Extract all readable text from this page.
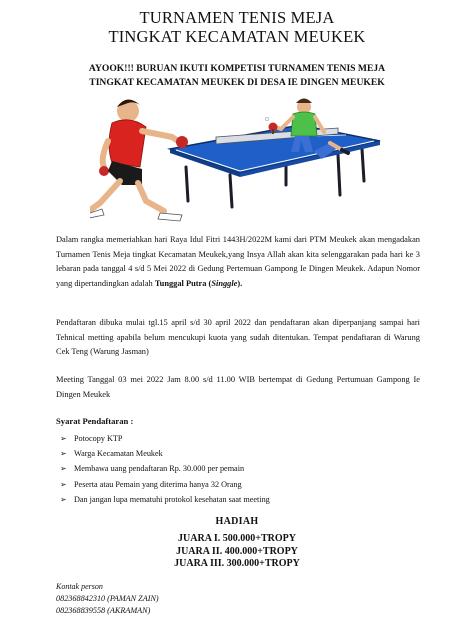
TURNAMEN TENIS MEJA
TINGKAT KECAMATAN MEUKEK
AYOOK!!! BURUAN IKUTI KOMPETISI TURNAMEN TENIS MEJA
TINGKAT KECAMATAN MEUKEK DI DESA IE DINGEN MEUKEK
Dalam rangka memeriahkan hari Raya Idul Fitri 1443H/2022M kami dari PTM Meukek akan mengadakan Turnamen Tenis Meja tingkat Kecamatan Meukek,yang Insya Allah akan kita selenggarakan pada hari ke 3 lebaran pada tanggal 4 s/d 5 Mei 2022 di Gedung Pertemuan Gampong Ie Dingen Meukek. Adapun Nomor yang dipertandingkan adalah Tunggal Putra (Singgle).
Pendaftaran dibuka mulai tgl.15 april s/d 30 april 2022 dan pendaftaran akan diperpanjang sampai hari Tehnical metting apabila belum mencukupi kuota yang sudah ditentukan. Tempat pendaftaran di Warung Cek Teng (Warung Jasman)
Meeting Tanggal 03 mei 2022 Jam 8.00 s/d 11.00 WIB bertempat di Gedung Pertumuan Gampong Ie Dingen Meukek
Syarat Pendaftaran :
➢ Potocopy KTP
➢ Warga Kecamatan Meukek
➢ Membawa uang pendaftaran Rp. 30.000 per pemain
➢ Peserta atau Pemain yang diterima hanya 32 Orang
➢ Dan jangan lupa mematuhi protokol kesehatan saat meeting
HADIAH
JUARA I. 500.000+TROPY
JUARA II. 400.000+TROPY
JUARA III. 300.000+TROPY
Kontak person
082368842310 (PAMAN ZAIN)
082368839558 (AKRAMAN)
